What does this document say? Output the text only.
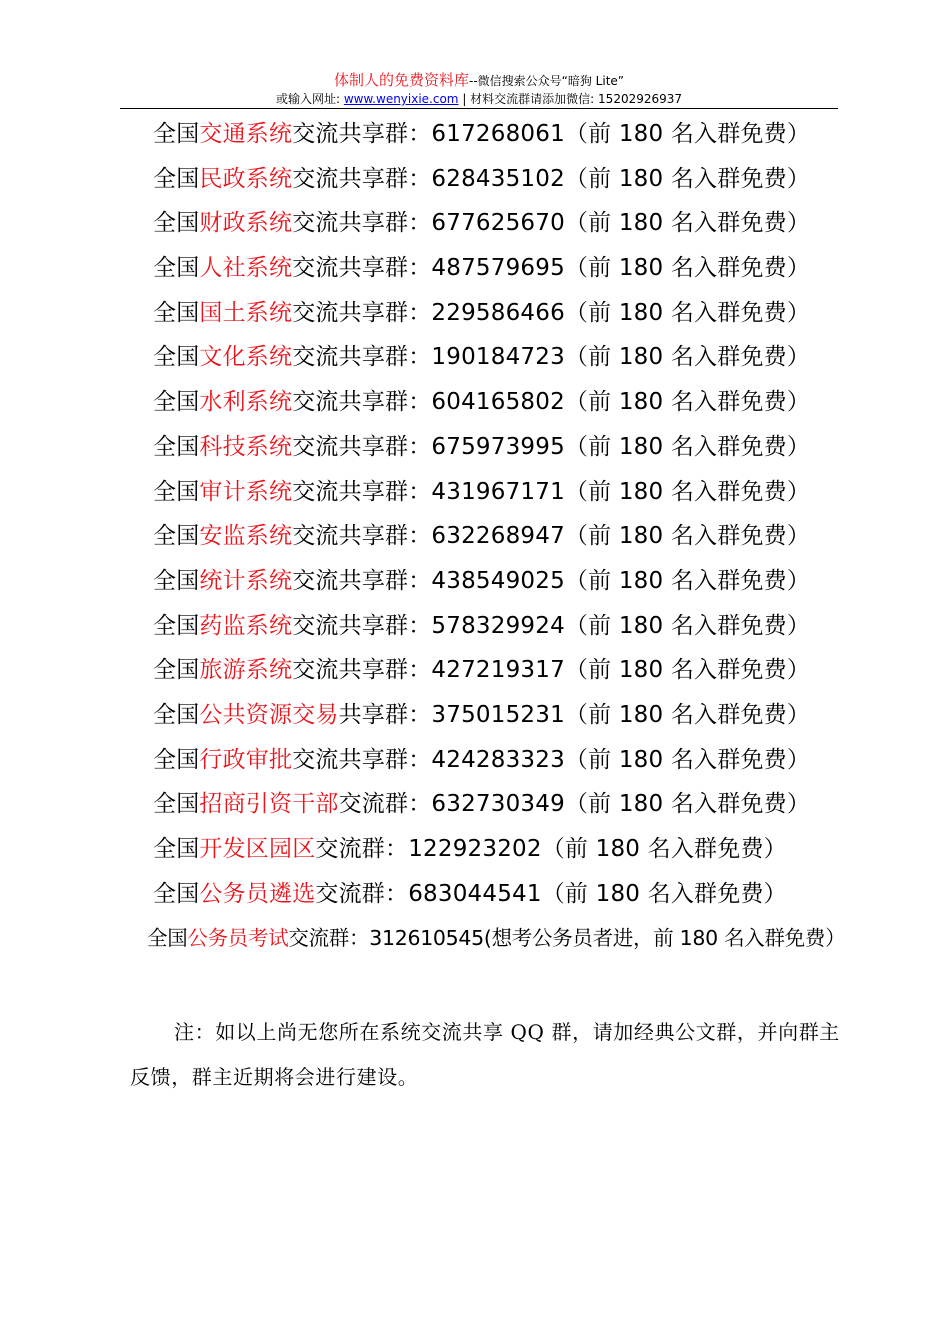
体制人的免费资料库--微信搜索公众号“暗狗 Lite”
或输入网址: www.wenyixie.com | 材料交流群请添加微信: 15202926937
全国交通系统交流共享群：617268061（前 180 名入群免费）
全国民政系统交流共享群：628435102（前 180 名入群免费）
全国财政系统交流共享群：677625670（前 180 名入群免费）
全国人社系统交流共享群：487579695（前 180 名入群免费）
全国国土系统交流共享群：229586466（前 180 名入群免费）
全国文化系统交流共享群：190184723（前 180 名入群免费）
全国水利系统交流共享群：604165802（前 180 名入群免费）
全国科技系统交流共享群：675973995（前 180 名入群免费）
全国审计系统交流共享群：431967171（前 180 名入群免费）
全国安监系统交流共享群：632268947（前 180 名入群免费）
全国统计系统交流共享群：438549025（前 180 名入群免费）
全国药监系统交流共享群：578329924（前 180 名入群免费）
全国旅游系统交流共享群：427219317（前 180 名入群免费）
全国公共资源交易共享群：375015231（前 180 名入群免费）
全国行政审批交流共享群：424283323（前 180 名入群免费）
全国招商引资干部交流群：632730349（前 180 名入群免费）
全国开发区园区交流群：122923202（前 180 名入群免费）
全国公务员遴选交流群：683044541（前 180 名入群免费）
全国公务员考试交流群：312610545(想考公务员者进，前 180 名入群免费）
注：如以上尚无您所在系统交流共享 QQ 群，请加经典公文群，并向群主反馈，群主近期将会进行建设。
